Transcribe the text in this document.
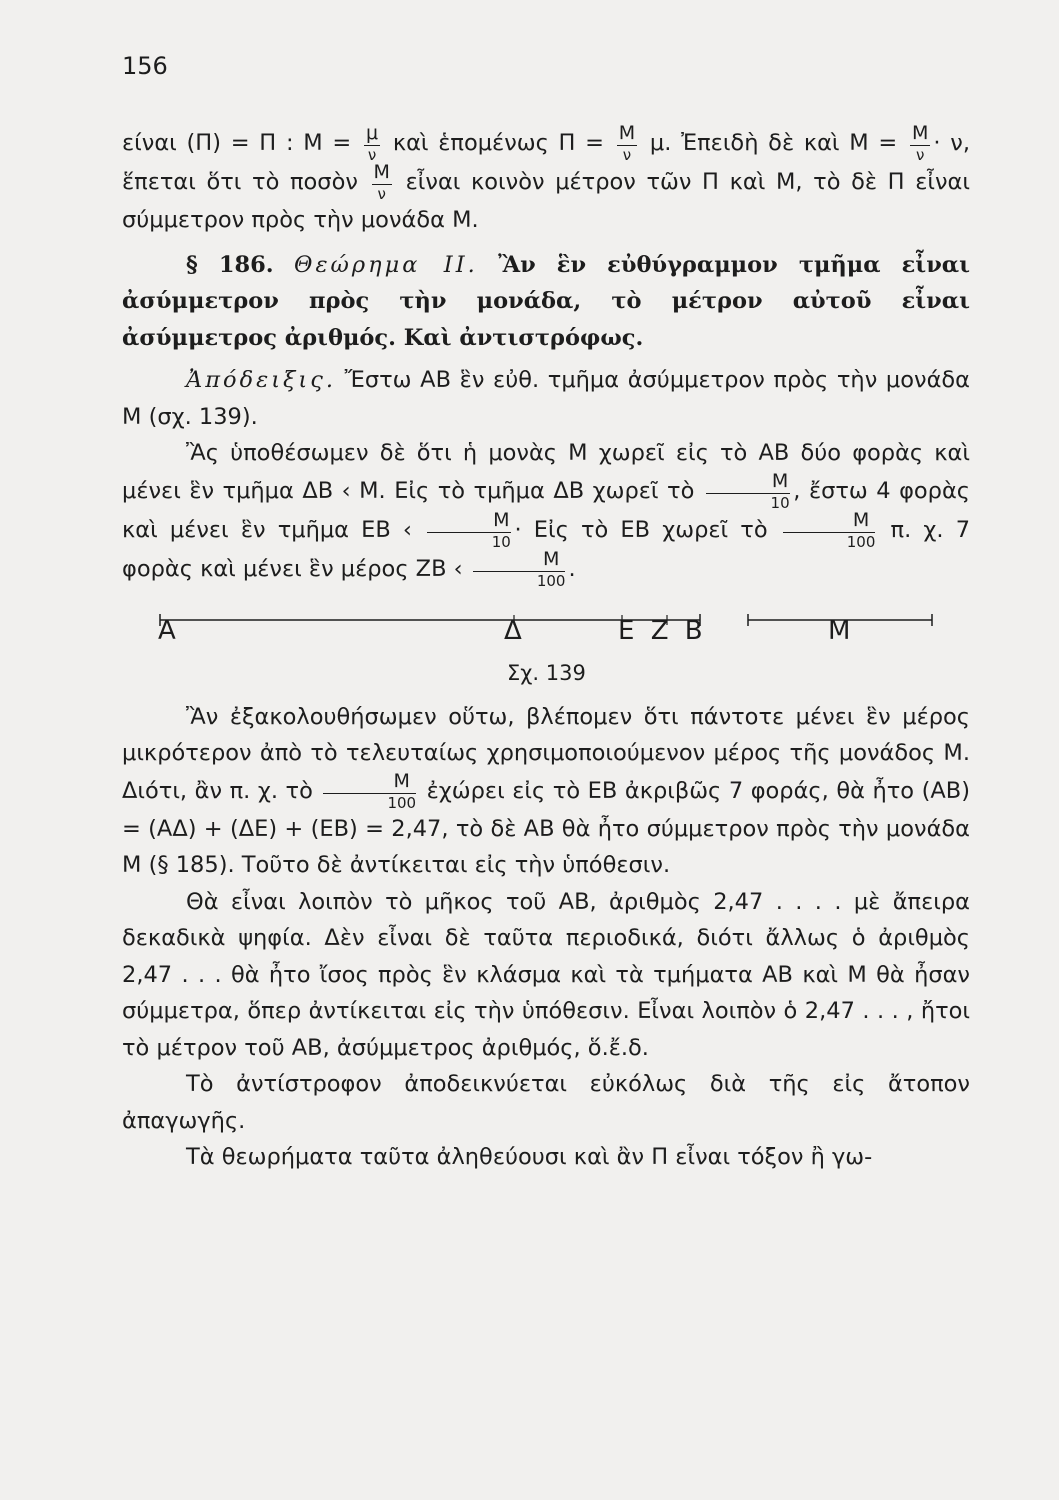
156

είναι (Π) = Π : $M = \frac{\mu}{\nu}$ καὶ ἑπομένως $\Pi = \frac{M}{\nu} \mu$. Ἐπειδὴ δὲ καὶ $M = \frac{M}{\nu} \cdot \nu$, ἕπεται ὅτι τὸ ποσὸν $\frac{M}{\nu}$ εἶναι κοινὸν μέτρον τῶν Π καὶ Μ, τὸ δὲ Π εἶναι σύμμετρον πρὸς τὴν μονάδα Μ.

§ 186. Θεώρημα ΙΙ. Ἂν ἓν εὐθύγραμμον τμῆμα εἶναι ἀσύμμετρον πρὸς τὴν μονάδα, τὸ μέτρον αὐτοῦ εἶναι ἀσύμμετρος ἀριθμός. Καὶ ἀντιστρόφως.

Ἀπόδειξις. Ἔστω ΑΒ ἓν εὐθ. τμῆμα ἀσύμμετρον πρὸς τὴν μονάδα Μ (σχ. 139).

Ἂς ὑποθέσωμεν δὲ ὅτι ἡ μονὰς Μ χωρεῖ εἰς τὸ ΑΒ δύο φορὰς καὶ μένει ἓν τμῆμα ΔΒ ‹ Μ. Εἰς τὸ τμῆμα ΔΒ χωρεῖ τὸ $\frac{M}{10}$ , ἔστω 4 φορὰς καὶ μένει ἓν τμῆμα ΕΒ ‹ $\frac{M}{10}$ · Εἰς τὸ ΕΒ χωρεῖ τὸ $\frac{M}{100} \pi$. χ. 7 φορὰς καὶ μένει ἓν μέρος ΖΒ ‹ $\frac{M}{100}$ .

Α	Δ	Ε Ζ Β	Μ
Σχ. 139

Ἂν ἐξακολουθήσωμεν οὕτω, βλέπομεν ὅτι πάντοτε μένει ἓν μέρος μικρότερον ἀπὸ τὸ τελευταίως χρησιμοποιούμενον μέρος τῆς μονάδος Μ. Διότι, ἂν π. χ. τὸ $\frac{M}{100}$ ἐχώρει εἰς τὸ ΕΒ ἀκριβῶς 7 φοράς, θὰ ἦτο (ΑΒ) = (ΑΔ) + (ΔΕ) + (ΕΒ) = 2,47, τὸ δὲ ΑΒ θὰ ἦτο σύμμετρον πρὸς τὴν μονάδα Μ (§ 185). Τοῦτο δὲ ἀντίκειται εἰς τὴν ὑπόθεσιν.

Θὰ εἶναι λοιπὸν τὸ μῆκος τοῦ ΑΒ, ἀριθμὸς 2,47 . . . . μὲ ἄπειρα δεκαδικὰ ψηφία. Δὲν εἶναι δὲ ταῦτα περιοδικά, διότι ἄλλως ὁ ἀριθμὸς 2,47 . . . θὰ ἦτο ἴσος πρὸς ἓν κλάσμα καὶ τὰ τμήματα ΑΒ καὶ Μ θὰ ἦσαν σύμμετρα, ὅπερ ἀντίκειται εἰς τὴν ὑπόθεσιν. Εἶναι λοιπὸν ὁ 2,47 . . . , ἤτοι τὸ μέτρον τοῦ ΑΒ, ἀσύμμετρος ἀριθμός, ὅ.ἔ.δ.

Τὸ ἀντίστροφον ἀποδεικνύεται εὐκόλως διὰ τῆς εἰς ἄτοπον ἀπαγωγῆς.

Τὰ θεωρήματα ταῦτα ἀληθεύουσι καὶ ἂν Π εἶναι τόξον ἢ γω-
